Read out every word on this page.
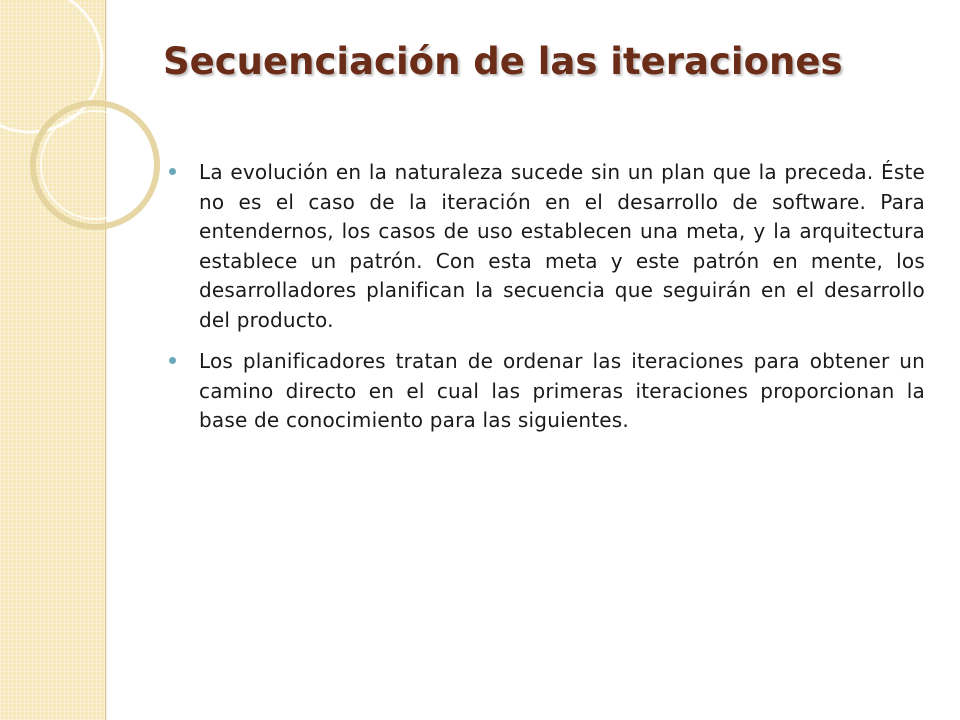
Secuenciación de las iteraciones
La evolución en la naturaleza sucede sin un plan que la preceda. Éste no es el caso de la iteración en el desarrollo de software. Para entendernos, los casos de uso establecen una meta, y la arquitectura establece un patrón. Con esta meta y este patrón en mente, los desarrolladores planifican la secuencia que seguirán en el desarrollo del producto.
Los planificadores tratan de ordenar las iteraciones para obtener un camino directo en el cual las primeras iteraciones proporcionan la base de conocimiento para las siguientes.
